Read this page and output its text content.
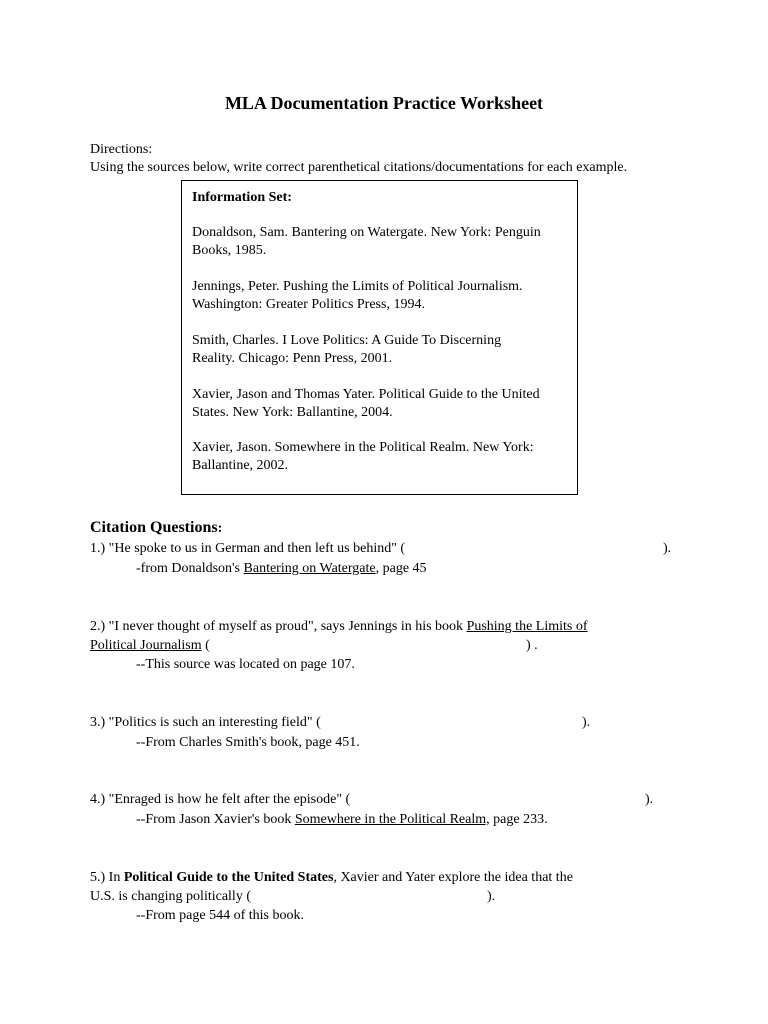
MLA Documentation Practice Worksheet
Directions:
Using the sources below, write correct parenthetical citations/documentations for each example.
Information Set:
Donaldson, Sam. Bantering on Watergate. New York: Penguin
Books, 1985.
Jennings, Peter. Pushing the Limits of Political Journalism.
Washington: Greater Politics Press, 1994.
Smith, Charles. I Love Politics: A Guide To Discerning
Reality. Chicago: Penn Press, 2001.
Xavier, Jason and Thomas Yater. Political Guide to the United
States. New York: Ballantine, 2004.
Xavier, Jason. Somewhere in the Political Realm. New York:
Ballantine, 2002.
Citation Questions:
1.) "He spoke to us in German and then left us behind" (	).
-from Donaldson's Bantering on Watergate, page 45
2.) "I never thought of myself as proud", says Jennings in his book Pushing the Limits of
Political Journalism (	) .
--This source was located on page 107.
3.) "Politics is such an interesting field" (	).
--From Charles Smith's book, page 451.
4.) "Enraged is how he felt after the episode" (	).
--From Jason Xavier's book Somewhere in the Political Realm, page 233.
5.) In Political Guide to the United States, Xavier and Yater explore the idea that the
U.S. is changing politically (	).
--From page 544 of this book.
